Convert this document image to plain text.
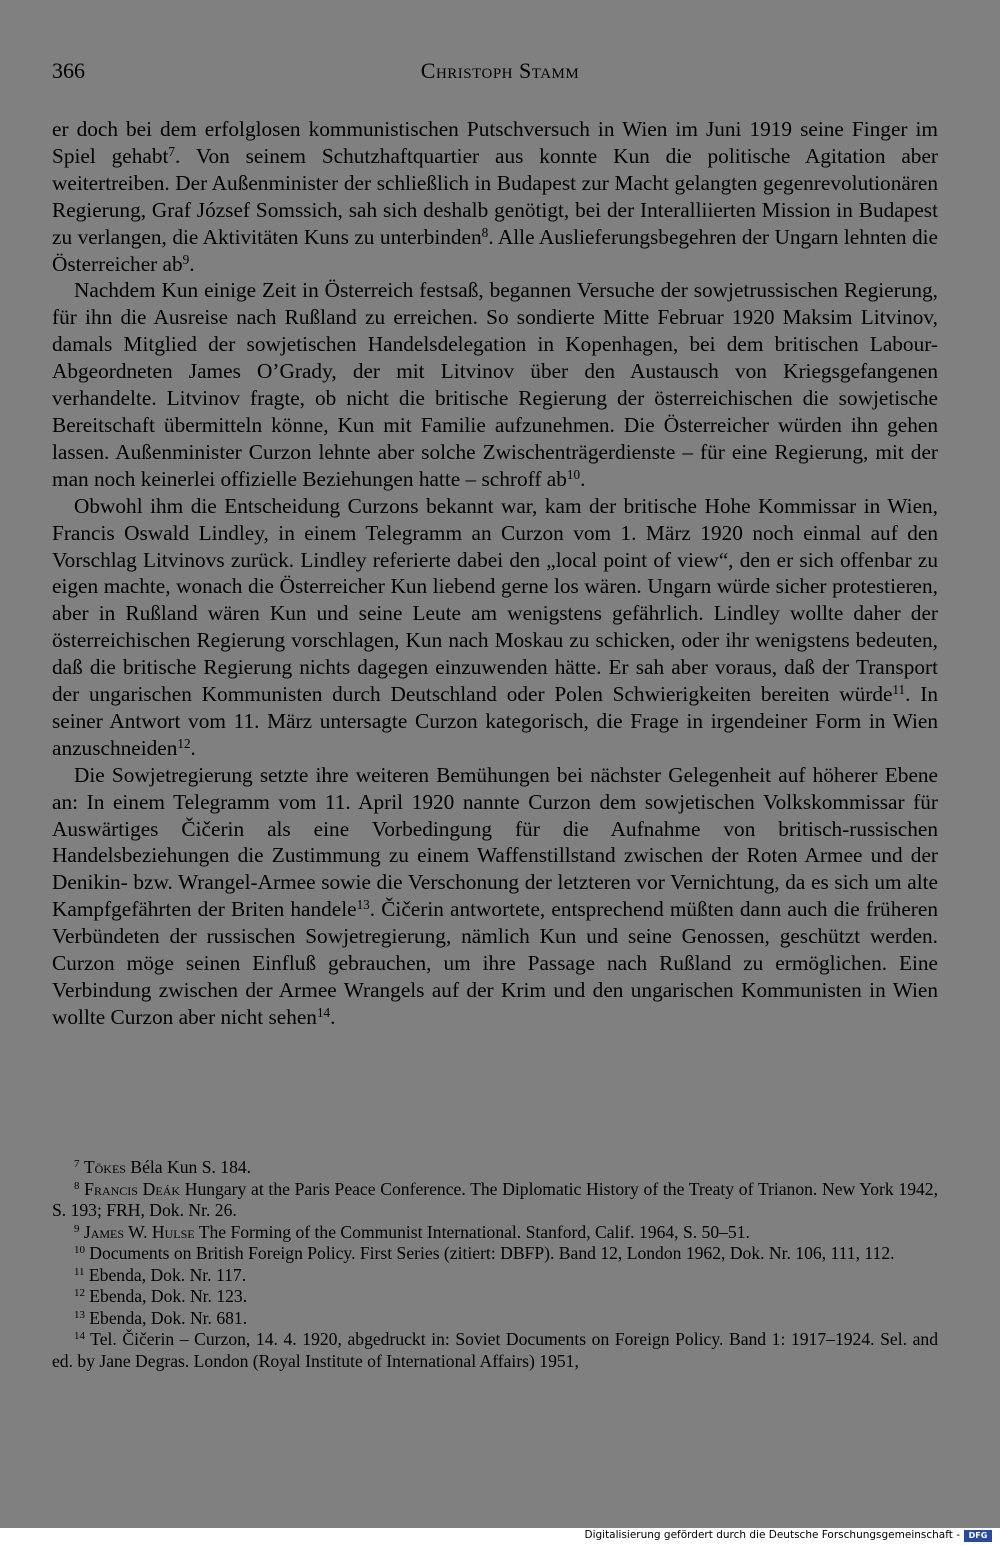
366	Christoph Stamm

er doch bei dem erfolglosen kommunistischen Putschversuch in Wien im Juni 1919 seine Finger im Spiel gehabt$^7$. Von seinem Schutzhaftquartier aus konnte Kun die politische Agitation aber weitertreiben. Der Außenminister der schließlich in Budapest zur Macht gelangten gegenrevolutionären Regierung, Graf József Somssich, sah sich deshalb genötigt, bei der Interalliierten Mission in Budapest zu verlangen, die Aktivitäten Kuns zu unterbinden$^8$. Alle Auslieferungsbegehren der Ungarn lehnten die Österreicher $ab^9$.

Nachdem Kun einige Zeit in Österreich festsaß, begannen Versuche der sowjetrussischen Regierung, für ihn die Ausreise nach Rußland zu erreichen. So sondierte Mitte Februar 1920 Maksim Litvinov, damals Mitglied der sowjetischen Handelsdelegation in Kopenhagen, bei dem britischen Labour-Abgeordneten James O’Grady, der mit Litvinov über den Austausch von Kriegsgefangenen verhandelte. Litvinov fragte, ob nicht die britische Regierung der österreichischen die sowjetische Bereitschaft übermitteln könne, Kun mit Familie aufzunehmen. Die Österreicher würden ihn gehen lassen. Außenminister Curzon lehnte aber solche Zwischenträgerdienste – für eine Regierung, mit der man noch keinerlei offizielle Beziehungen hatte – schroff $ab^{10}$.

Obwohl ihm die Entscheidung Curzons bekannt war, kam der britische Hohe Kommissar in Wien, Francis Oswald Lindley, in einem Telegramm an Curzon vom 1. März 1920 noch einmal auf den Vorschlag Litvinovs zurück. Lindley referierte dabei den „local point of view“, den er sich offenbar zu eigen machte, wonach die Österreicher Kun liebend gerne los wären. Ungarn würde sicher protestieren, aber in Rußland wären Kun und seine Leute am wenigstens gefährlich. Lindley wollte daher der österreichischen Regierung vorschlagen, Kun nach Moskau zu schicken, oder ihr wenigstens bedeuten, daß die britische Regierung nichts dagegen einzuwenden hätte. Er sah aber voraus, daß der Transport der ungarischen Kommunisten durch Deutschland oder Polen Schwierigkeiten bereiten würde$^{11}$. In seiner Antwort vom 11. März untersagte Curzon kategorisch, die Frage in irgendeiner Form in Wien anzuschneiden$^{12}$.

Die Sowjetregierung setzte ihre weiteren Bemühungen bei nächster Gelegenheit auf höherer Ebene an: In einem Telegramm vom 11. April 1920 nannte Curzon dem sowjetischen Volkskommissar für Auswärtiges Čičerin als eine Vorbedingung für die Aufnahme von britisch-russischen Handelsbeziehungen die Zustimmung zu einem Waffenstillstand zwischen der Roten Armee und der Denikin- bzw. Wrangel-Armee sowie die Verschonung der letzteren vor Vernichtung, da es sich um alte Kampfgefährten der Briten handele$^{13}$. Čičerin antwortete, entsprechend müßten dann auch die früheren Verbündeten der russischen Sowjetregierung, nämlich Kun und seine Genossen, geschützt werden. Curzon möge seinen Einfluß gebrauchen, um ihre Passage nach Rußland zu ermöglichen. Eine Verbindung zwischen der Armee Wrangels auf der Krim und den ungarischen Kommunisten in Wien wollte Curzon aber nicht sehen$^{14}$.

$^7$ Tökes Béla Kun S. 184.

$^8$ Francis Deák Hungary at the Paris Peace Conference. The Diplomatic History of the Treaty of Trianon. New York 1942, S. 193; FRH, Dok. Nr. 26.

$^9$ James W. Hulse The Forming of the Communist International. Stanford, Calif. 1964, S. 50–51.

$^{10}$ Documents on British Foreign Policy. First Series (zitiert: DBFP). Band 12, London 1962, Dok. Nr. 106, 111, 112.

$^{11}$ Ebenda, Dok. Nr. 117.

$^{12}$ Ebenda, Dok. Nr. 123.

$^{13}$ Ebenda, Dok. Nr. 681.

$^{14}$ Tel. Čičerin – Curzon, 14. 4. 1920, abgedruckt in: Soviet Documents on Foreign Policy. Band 1: 1917–1924. Sel. and ed. by Jane Degras. London (Royal Institute of International Affairs) 1951,

Digitalisierung gefördert durch die Deutsche Forschungsgemeinschaft -	DFG
